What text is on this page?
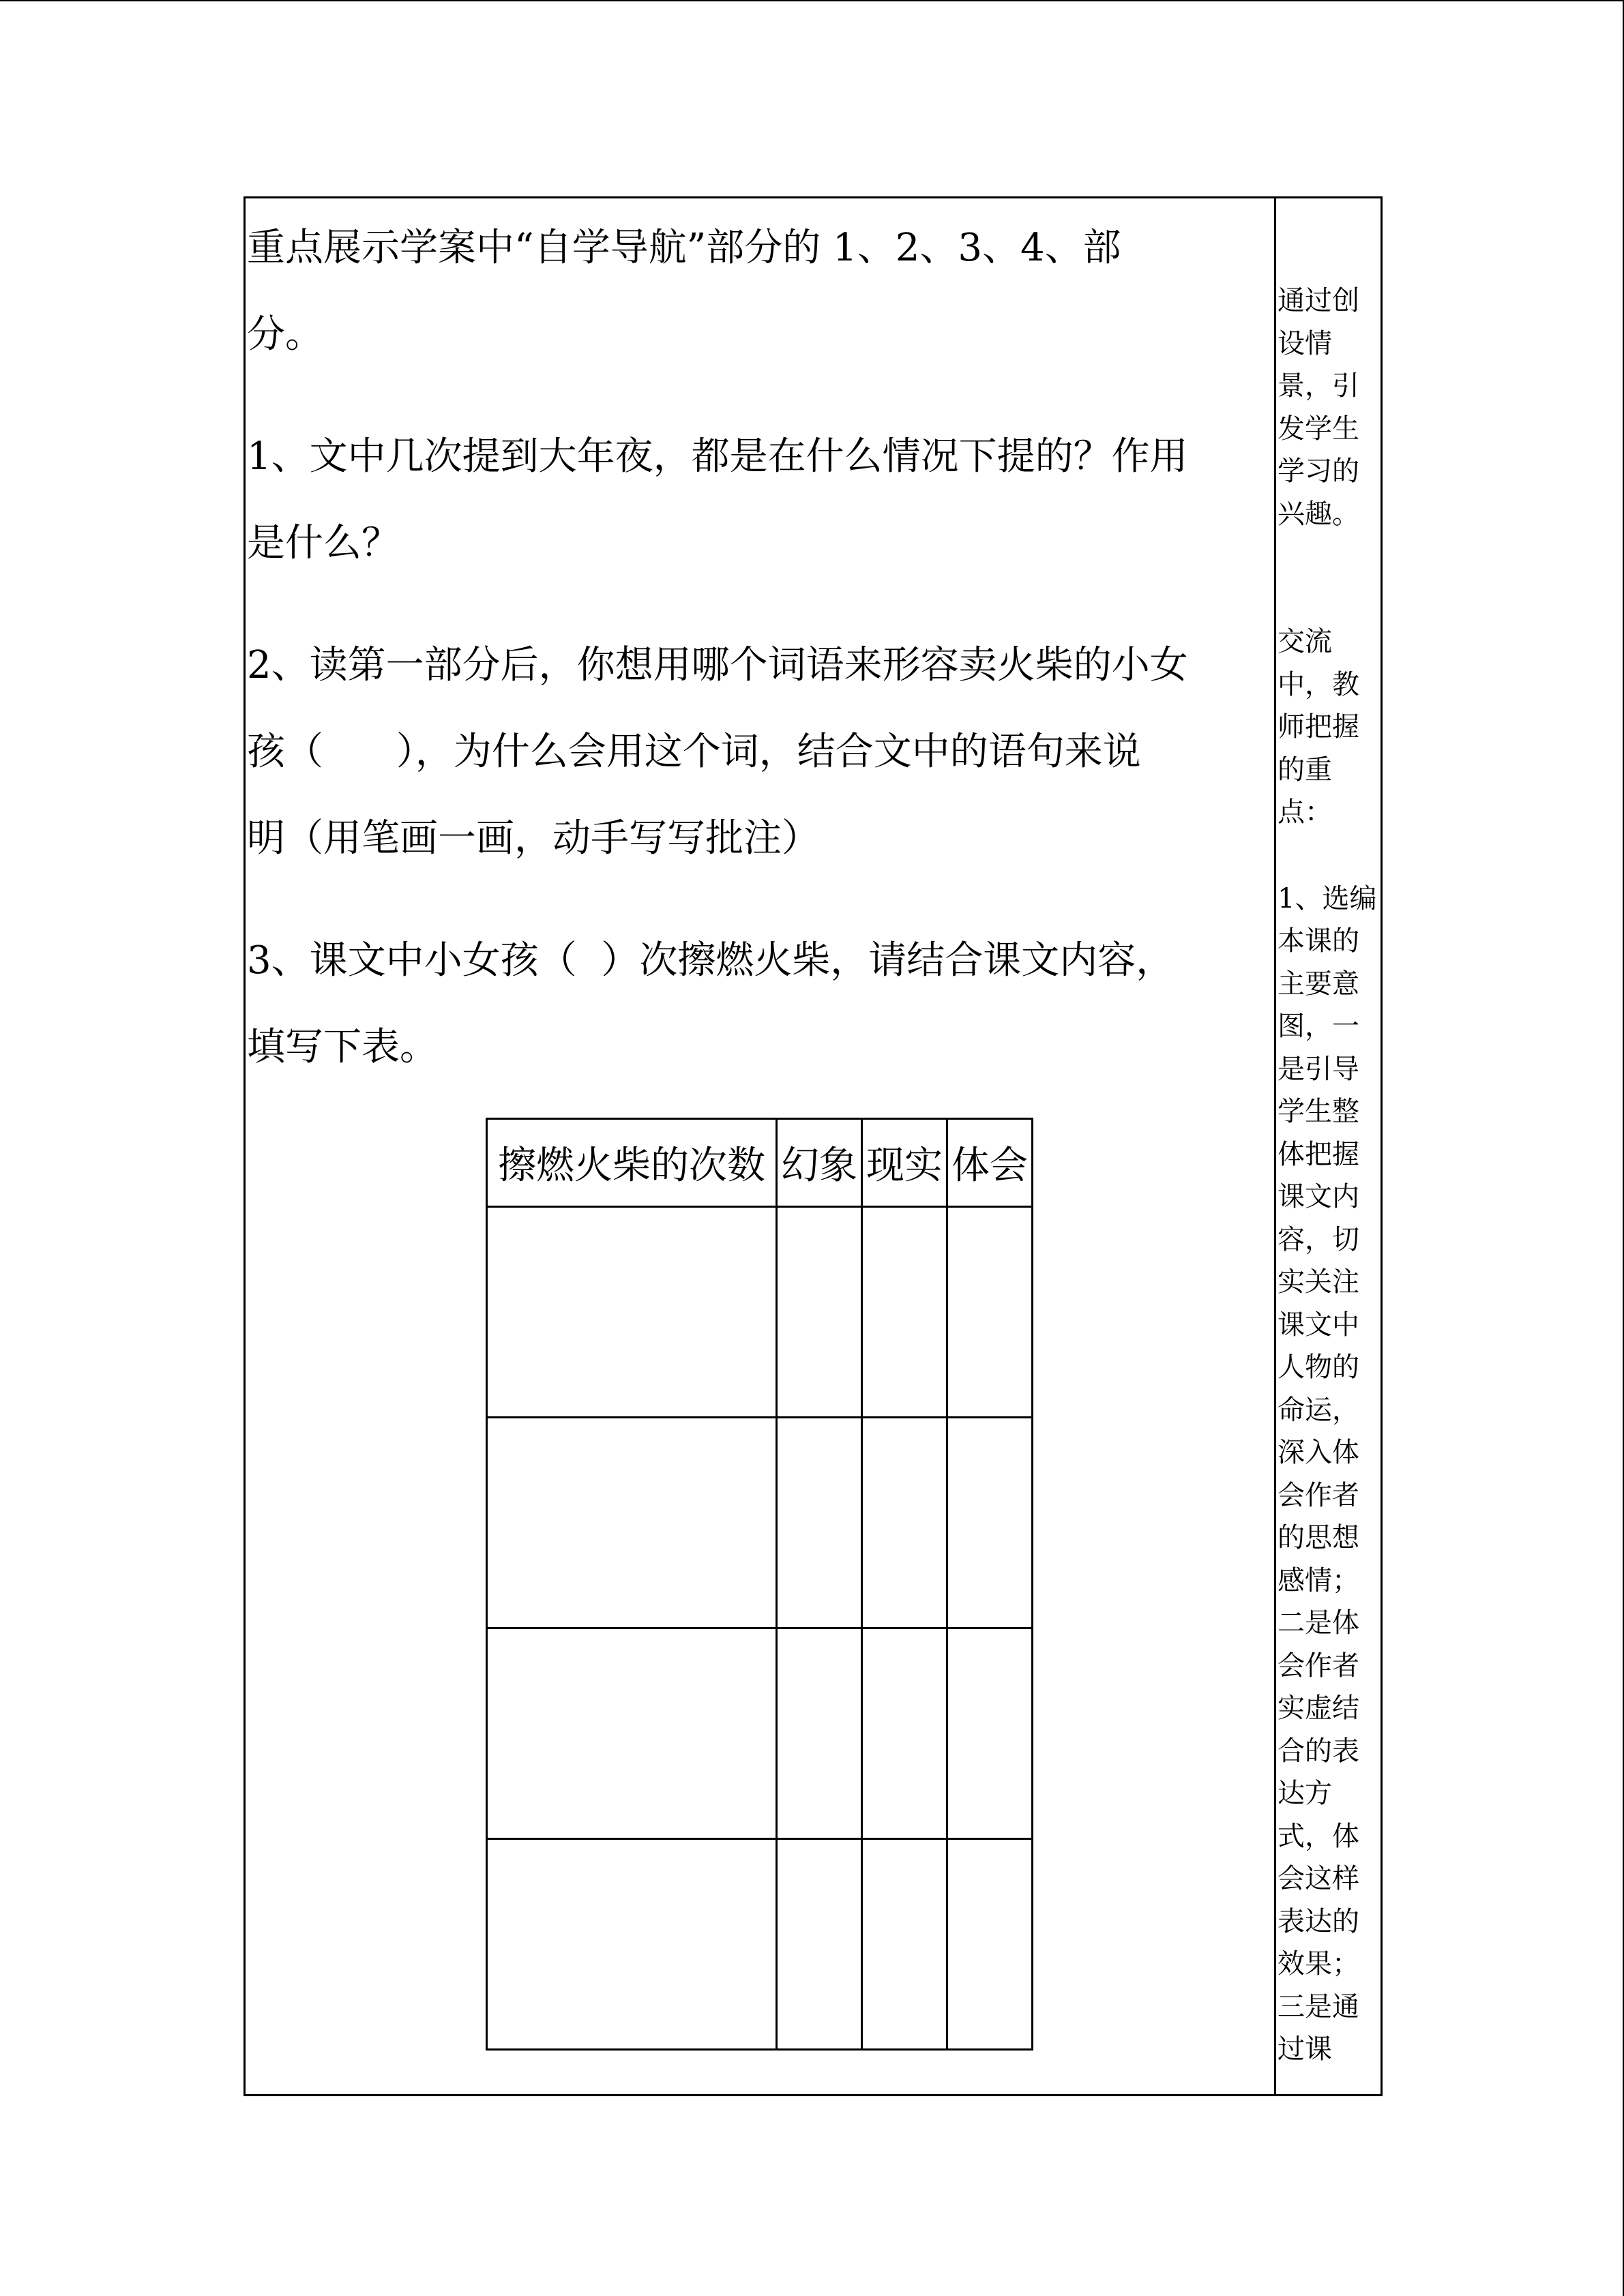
重点展示学案中“自学导航”部分的 1、2、3、4、部
分。

1、文中几次提到大年夜，都是在什么情况下提的？作用
是什么？

2、读第一部分后，你想用哪个词语来形容卖火柴的小女
孩（      ），为什么会用这个词，结合文中的语句来说
明（用笔画一画，动手写写批注）

3、课文中小女孩（  ）次擦燃火柴，请结合课文内容，
填写下表。

擦燃火柴的次数	幻象	现实	体会

通过创
设情
景，引
发学生
学习的
兴趣。
交流
中，教
师把握
的重
点：
1、选编
本课的
主要意
图，一
是引导
学生整
体把握
课文内
容，切
实关注
课文中
人物的
命运，
深入体
会作者
的思想
感情；
二是体
会作者
实虚结
合的表
达方
式，体
会这样
表达的
效果；
三是通
过课
